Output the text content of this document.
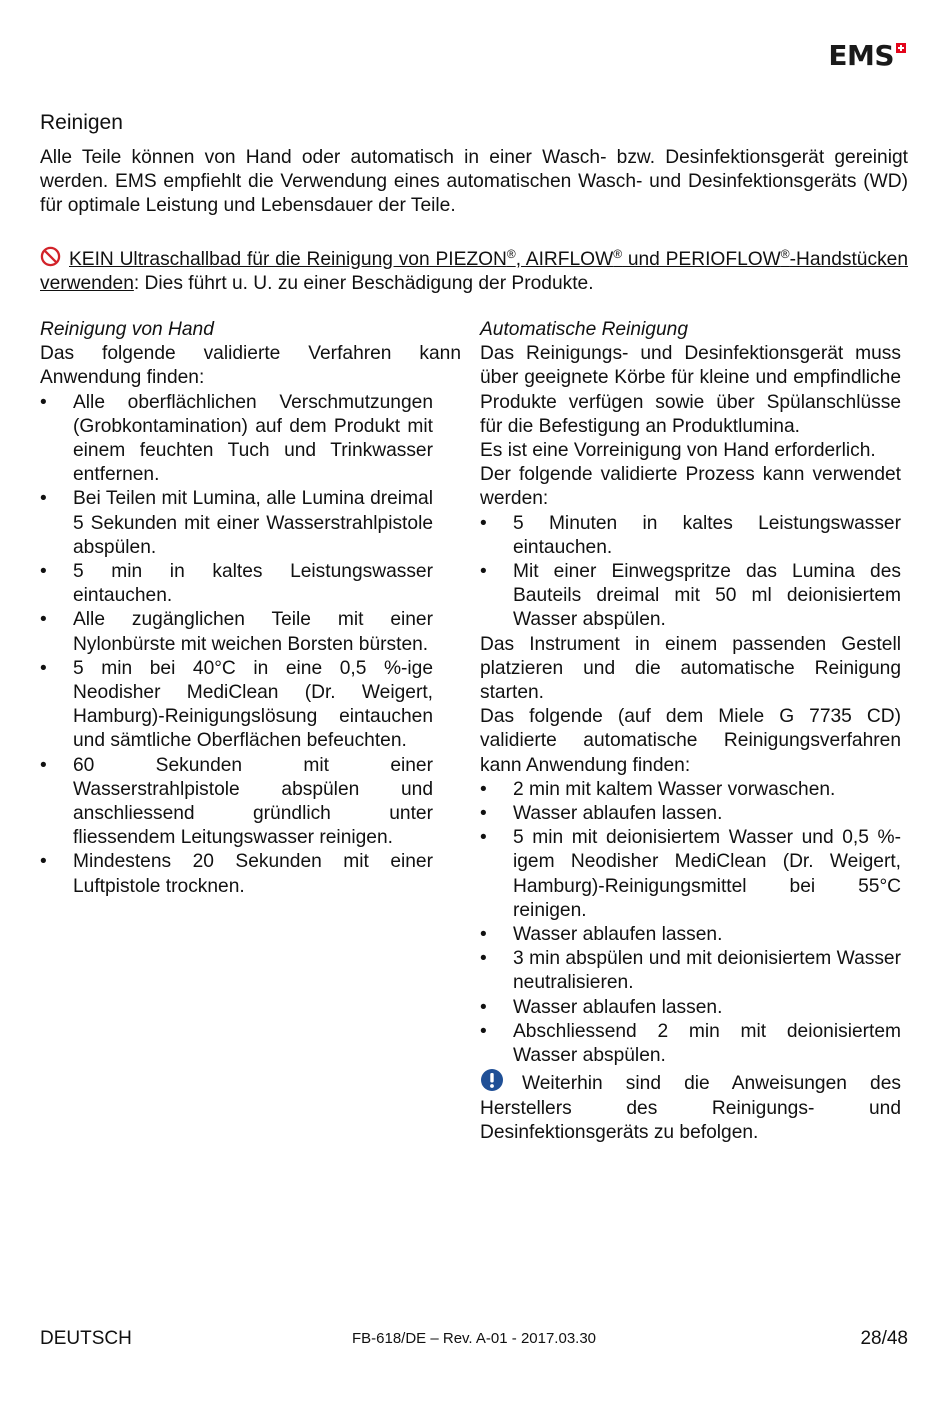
EMS
Reinigen

Alle Teile können von Hand oder automatisch in einer Wasch- bzw. Desinfektionsgerät gereinigt werden. EMS empfiehlt die Verwendung eines automatischen Wasch- und Desinfektionsgeräts (WD) für optimale Leistung und Lebensdauer der Teile.

KEIN Ultraschallbad für die Reinigung von PIEZON®, AIRFLOW® und PERIOFLOW®-Handstücken verwenden: Dies führt u. U. zu einer Beschädigung der Produkte.

Reinigung von Hand

Das folgende validierte Verfahren kann Anwendung finden:

• Alle oberflächlichen Verschmutzungen (Grobkontamination) auf dem Produkt mit einem feuchten Tuch und Trinkwasser entfernen.
• Bei Teilen mit Lumina, alle Lumina dreimal 5 Sekunden mit einer Wasserstrahlpistole abspülen.
• 5 min in kaltes Leistungswasser eintauchen.
• Alle zugänglichen Teile mit einer Nylonbürste mit weichen Borsten bürsten.
• 5 min bei 40°C in eine 0,5 %-ige Neodisher MediClean (Dr. Weigert, Hamburg)-Reinigungslösung eintauchen und sämtliche Oberflächen befeuchten.
• 60 Sekunden mit einer Wasserstrahlpistole abspülen und anschliessend gründlich unter fliessendem Leitungswasser reinigen.
• Mindestens 20 Sekunden mit einer Luftpistole trocknen.
Automatische Reinigung

Das Reinigungs- und Desinfektionsgerät muss über geeignete Körbe für kleine und empfindliche Produkte verfügen sowie über Spülanschlüsse für die Befestigung an Produktlumina.

Es ist eine Vorreinigung von Hand erforderlich.

Der folgende validierte Prozess kann verwendet werden:

• 5 Minuten in kaltes Leistungswasser eintauchen.
• Mit einer Einwegspritze das Lumina des Bauteils dreimal mit 50 ml deionisiertem Wasser abspülen.

Das Instrument in einem passenden Gestell platzieren und die automatische Reinigung starten.

Das folgende (auf dem Miele G 7735 CD) validierte automatische Reinigungsverfahren kann Anwendung finden:

• 2 min mit kaltem Wasser vorwaschen.
• Wasser ablaufen lassen.
• 5 min mit deionisiertem Wasser und 0,5 %-igem Neodisher MediClean (Dr. Weigert, Hamburg)-Reinigungsmittel bei 55°C reinigen.
• Wasser ablaufen lassen.
• 3 min abspülen und mit deionisiertem Wasser neutralisieren.
• Wasser ablaufen lassen.
• Abschliessend 2 min mit deionisiertem Wasser abspülen.

Weiterhin sind die Anweisungen des Herstellers des Reinigungs- und Desinfektionsgeräts zu befolgen.

DEUTSCH	FB-618/DE – Rev. A-01 - 2017.03.30	28/48
